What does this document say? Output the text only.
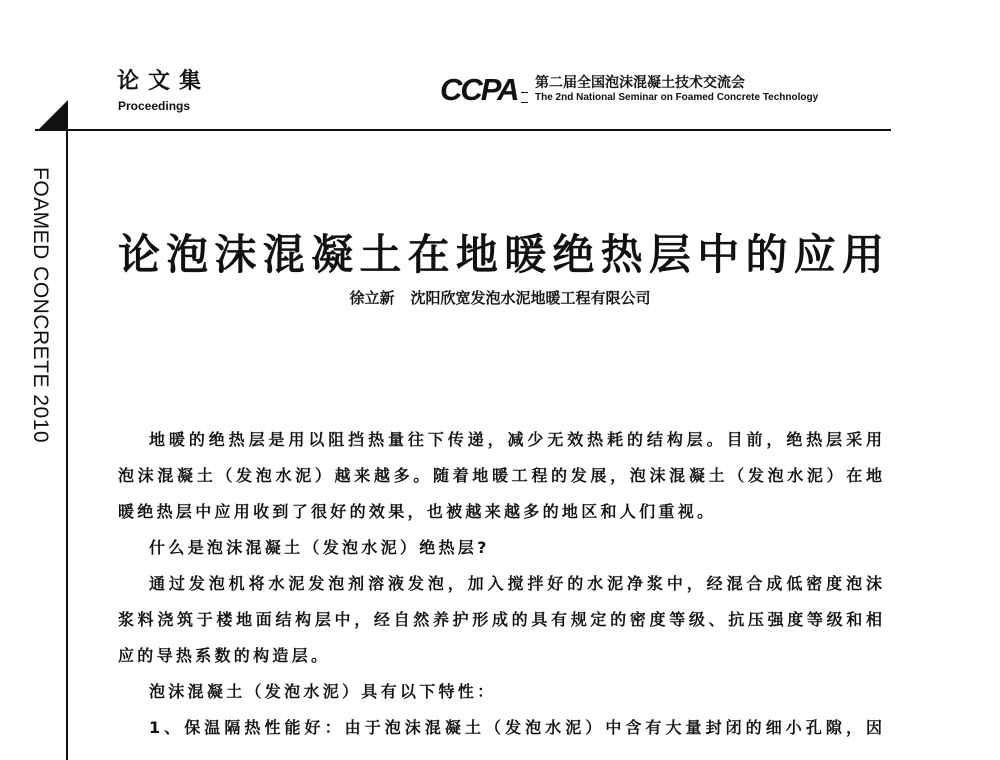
论文集
Proceedings	CCPA 第二届全国泡沫混凝土技术交流会
The 2nd National Seminar on Foamed Concrete Technology
FOAMED CONCRETE 2010 论泡沫混凝土在地暖绝热层中的应用
徐立新 沈阳欣宽发泡水泥地暖工程有限公司
地暖的绝热层是用以阻挡热量往下传递，减少无效热耗的结构层。目前，绝热层采用
泡沫混凝土（发泡水泥）越来越多。随着地暖工程的发展，泡沫混凝土（发泡水泥）在地
暖绝热层中应用收到了很好的效果，也被越来越多的地区和人们重视。
什么是泡沫混凝土（发泡水泥）绝热层?
通过发泡机将水泥发泡剂溶液发泡，加入搅拌好的水泥净浆中，经混合成低密度泡沫
浆料浇筑于楼地面结构层中，经自然养护形成的具有规定的密度等级、抗压强度等级和相
应的导热系数的构造层。
泡沫混凝土（发泡水泥）具有以下特性：
1、保温隔热性能好：由于泡沫混凝土（发泡水泥）中含有大量封闭的细小孔隙，因
